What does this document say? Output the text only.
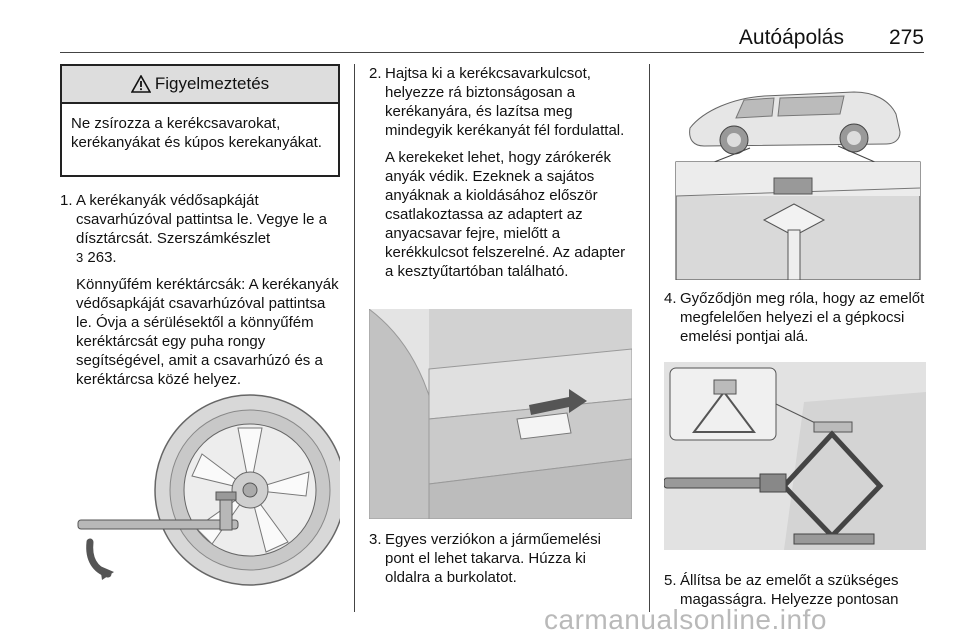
Autóápolás 275
Figyelmeztetés
Ne zsírozza a kerékcsavarokat, kerékanyákat és kúpos kerekanyákat.
1. A kerékanyák védősapkáját csavarhúzóval pattintsa le. Vegye le a dísztárcsát. Szerszámkészlet
3 263.

Könnyűfém keréktárcsák: A kerékanyák védősapkáját csavarhúzóval pattintsa le. Óvja a sérülésektől a könnyűfém keréktárcsát egy puha rongy segítségével, amit a csavarhúzó és a keréktárcsa közé helyez.

2. Hajtsa ki a kerékcsavarkulcsot, helyezze rá biztonságosan a kerékanyára, és lazítsa meg mindegyik kerékanyát fél fordulattal.

A kerekeket lehet, hogy zárókerék anyák védik. Ezeknek a sajátos anyáknak a kioldásához először csatlakoztassa az adaptert az anyacsavar fejre, mielőtt a kerékkulcsot felszerelné. Az adapter a kesztyűtartóban található.

3. Egyes verziókon a járműemelési pont el lehet takarva. Húzza ki oldalra a burkolatot.

4. Győződjön meg róla, hogy az emelőt megfelelően helyezi el a gépkocsi emelési pontjai alá.

5. Állítsa be az emelőt a szükséges magasságra. Helyezze pontosan

carmanualsonline.info
